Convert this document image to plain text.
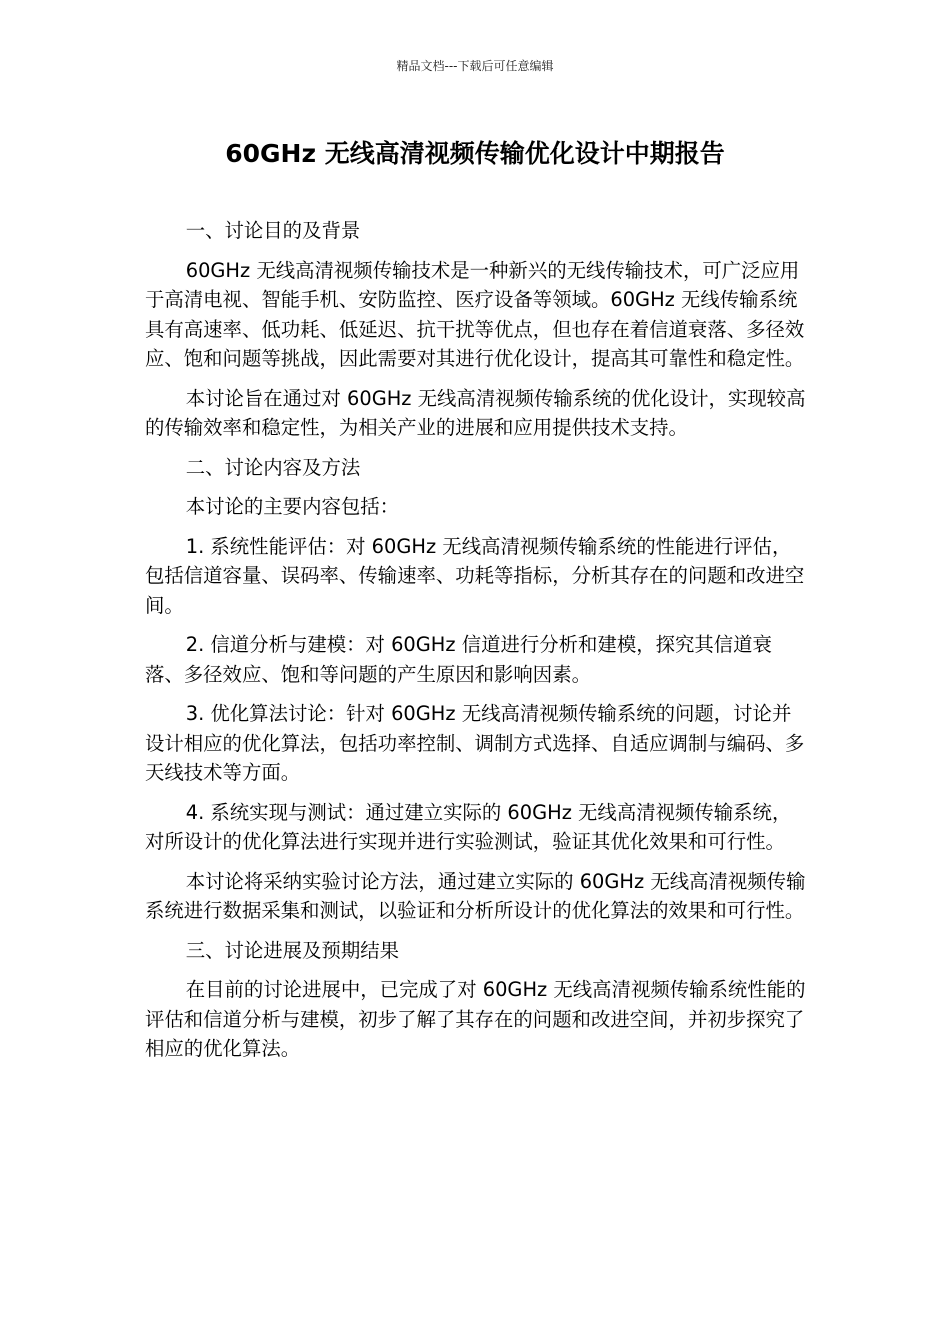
精品文档---下载后可任意编辑
60GHz 无线高清视频传输优化设计中期报告

一、讨论目的及背景

60GHz 无线高清视频传输技术是一种新兴的无线传输技术，可广泛应用于高清电视、智能手机、安防监控、医疗设备等领域。60GHz 无线传输系统具有高速率、低功耗、低延迟、抗干扰等优点，但也存在着信道衰落、多径效应、饱和问题等挑战，因此需要对其进行优化设计，提高其可靠性和稳定性。

本讨论旨在通过对 60GHz 无线高清视频传输系统的优化设计，实现较高的传输效率和稳定性，为相关产业的进展和应用提供技术支持。

二、讨论内容及方法

本讨论的主要内容包括：

1. 系统性能评估：对 60GHz 无线高清视频传输系统的性能进行评估，包括信道容量、误码率、传输速率、功耗等指标，分析其存在的问题和改进空间。

2. 信道分析与建模：对 60GHz 信道进行分析和建模，探究其信道衰落、多径效应、饱和等问题的产生原因和影响因素。

3. 优化算法讨论：针对 60GHz 无线高清视频传输系统的问题，讨论并设计相应的优化算法，包括功率控制、调制方式选择、自适应调制与编码、多天线技术等方面。

4. 系统实现与测试：通过建立实际的 60GHz 无线高清视频传输系统，对所设计的优化算法进行实现并进行实验测试，验证其优化效果和可行性。

本讨论将采纳实验讨论方法，通过建立实际的 60GHz 无线高清视频传输系统进行数据采集和测试，以验证和分析所设计的优化算法的效果和可行性。

三、讨论进展及预期结果

在目前的讨论进展中，已完成了对 60GHz 无线高清视频传输系统性能的评估和信道分析与建模，初步了解了其存在的问题和改进空间，并初步探究了相应的优化算法。
